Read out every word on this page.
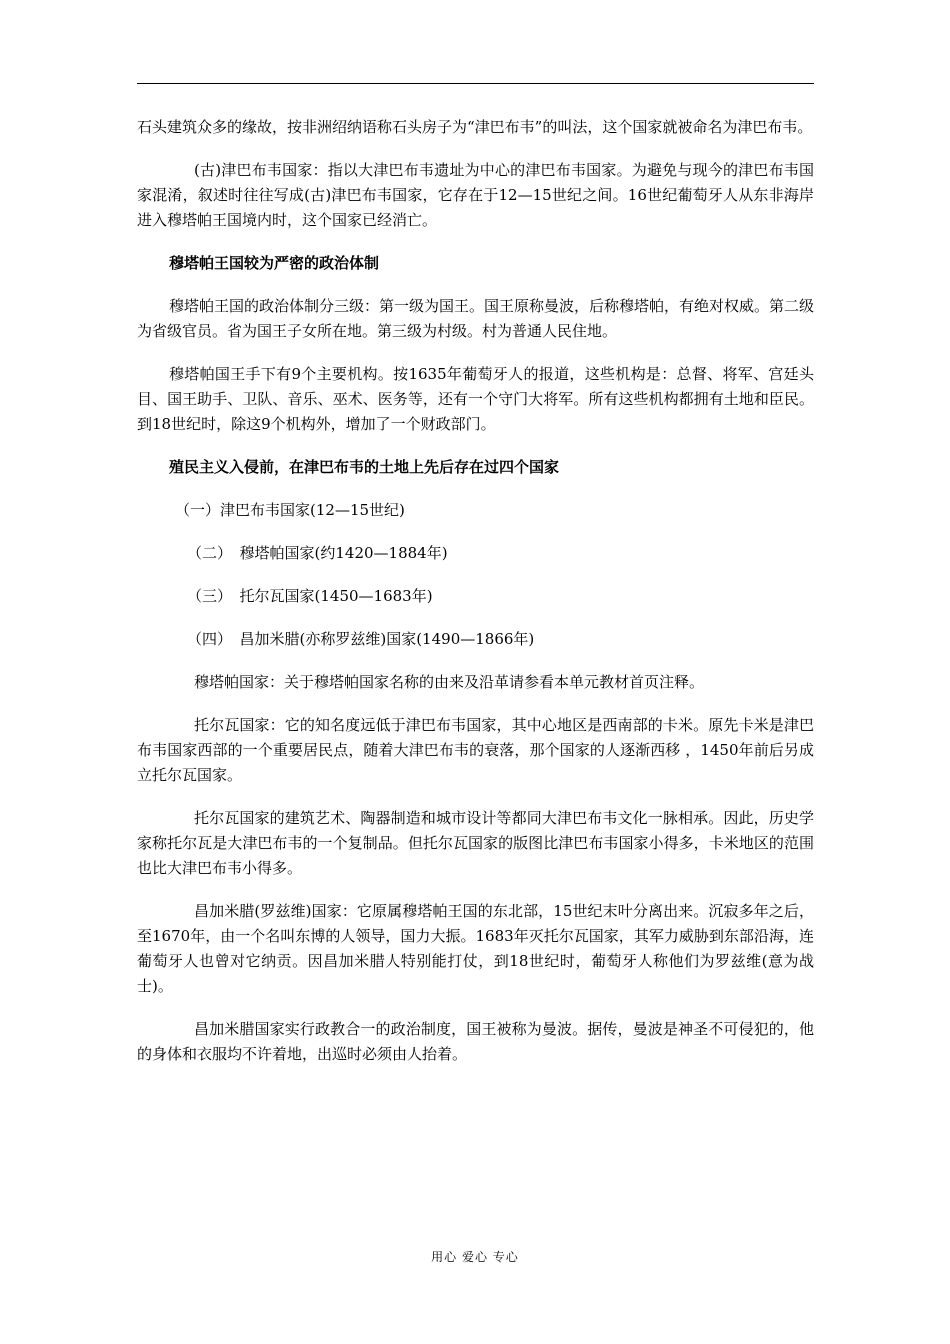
石头建筑众多的缘故，按非洲绍纳语称石头房子为“津巴布韦”的叫法，这个国家就被命名为津巴布韦。

(古)津巴布韦国家：指以大津巴布韦遗址为中心的津巴布韦国家。为避免与现今的津巴布韦国家混淆，叙述时往往写成(古)津巴布韦国家，它存在于12—15世纪之间。16世纪葡萄牙人从东非海岸进入穆塔帕王国境内时，这个国家已经消亡。

穆塔帕王国较为严密的政治体制

穆塔帕王国的政治体制分三级：第一级为国王。国王原称曼波，后称穆塔帕，有绝对权威。第二级为省级官员。省为国王子女所在地。第三级为村级。村为普通人民住地。

穆塔帕国王手下有9个主要机构。按1635年葡萄牙人的报道，这些机构是：总督、将军、宫廷头目、国王助手、卫队、音乐、巫术、医务等，还有一个守门大将军。所有这些机构都拥有土地和臣民。到18世纪时，除这9个机构外，增加了一个财政部门。

殖民主义入侵前，在津巴布韦的土地上先后存在过四个国家

（一）津巴布韦国家(12—15世纪)

（二）　穆塔帕国家(约1420—1884年)

（三）　托尔瓦国家(1450—1683年)

（四）　昌加米腊(亦称罗兹维)国家(1490—1866年)

穆塔帕国家：关于穆塔帕国家名称的由来及沿革请参看本单元教材首页注释。

托尔瓦国家：它的知名度远低于津巴布韦国家，其中心地区是西南部的卡米。原先卡米是津巴布韦国家西部的一个重要居民点，随着大津巴布韦的衰落，那个国家的人逐渐西移 ，1450年前后另成立托尔瓦国家。

托尔瓦国家的建筑艺术、陶器制造和城市设计等都同大津巴布韦文化一脉相承。因此，历史学家称托尔瓦是大津巴布韦的一个复制品。但托尔瓦国家的版图比津巴布韦国家小得多，卡米地区的范围也比大津巴布韦小得多。

昌加米腊(罗兹维)国家：它原属穆塔帕王国的东北部，15世纪末叶分离出来。沉寂多年之后，至1670年，由一个名叫东博的人领导，国力大振。1683年灭托尔瓦国家，其军力威胁到东部沿海，连葡萄牙人也曾对它纳贡。因昌加米腊人特别能打仗，到18世纪时，葡萄牙人称他们为罗兹维(意为战士)。

昌加米腊国家实行政教合一的政治制度，国王被称为曼波。据传，曼波是神圣不可侵犯的，他的身体和衣服均不许着地，出巡时必须由人抬着。

用心 爱心 专心
